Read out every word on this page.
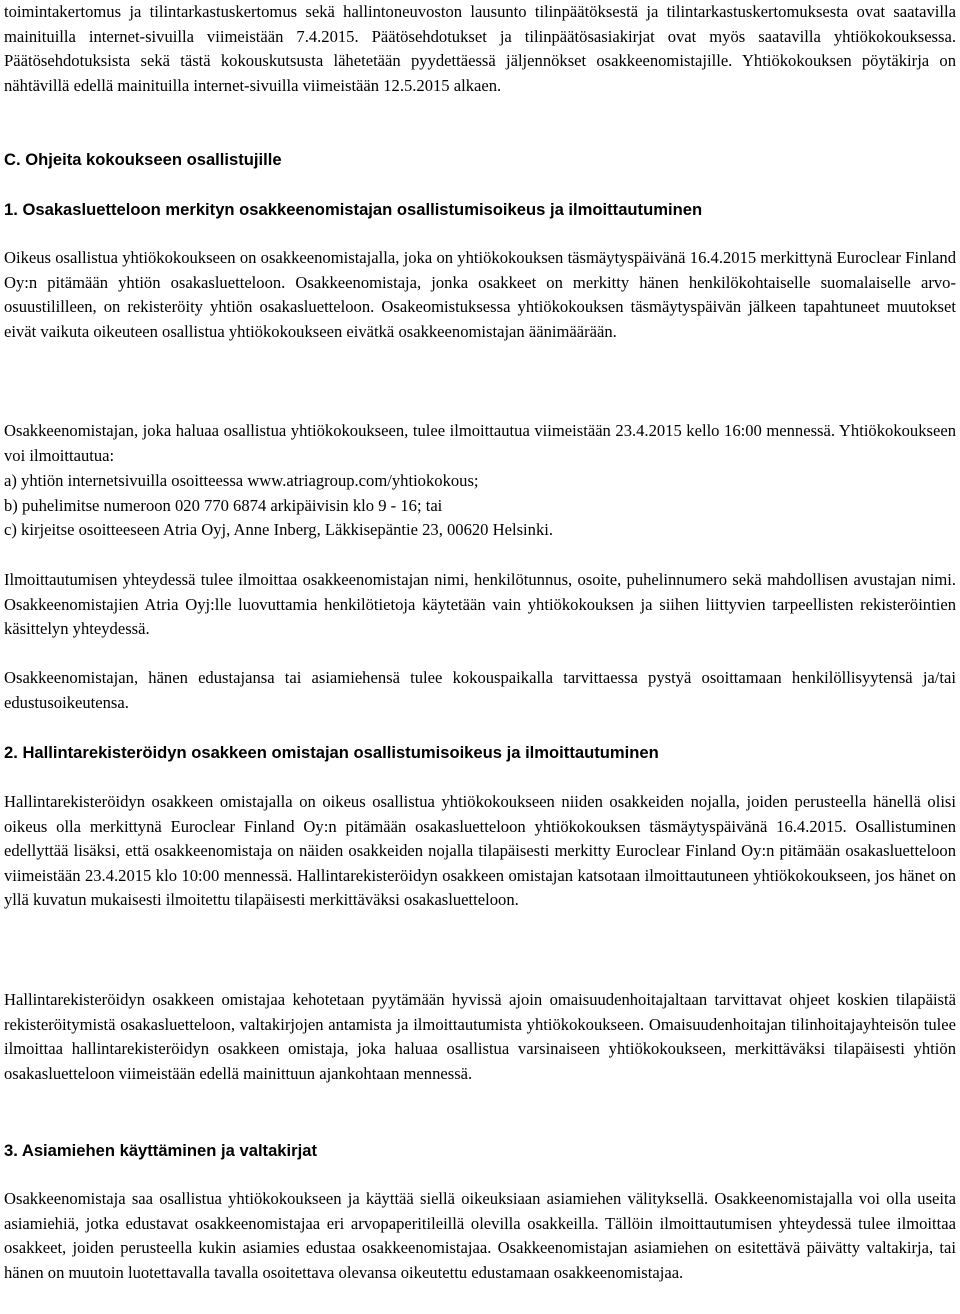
toimintakertomus ja tilintarkastuskertomus sekä hallintoneuvoston lausunto tilinpäätöksestä ja tilintarkastuskertomuksesta ovat saatavilla mainituilla internet-sivuilla viimeistään 7.4.2015. Päätösehdotukset ja tilinpäätösasiakirjat ovat myös saatavilla yhtiökokouksessa. Päätösehdotuksista sekä tästä kokouskutsusta lähetetään pyydettäessä jäljennökset osakkeenomistajille. Yhtiökokouksen pöytäkirja on nähtävillä edellä mainituilla internet-sivuilla viimeistään 12.5.2015 alkaen.

C. Ohjeita kokoukseen osallistujille

1. Osakasluetteloon merkityn osakkeenomistajan osallistumisoikeus ja ilmoittautuminen

Oikeus osallistua yhtiökokoukseen on osakkeenomistajalla, joka on yhtiökokouksen täsmäytyspäivänä 16.4.2015 merkittynä Euroclear Finland Oy:n pitämään yhtiön osakasluetteloon. Osakkeenomistaja, jonka osakkeet on merkitty hänen henkilökohtaiselle suomalaiselle arvo-osuustililleen, on rekisteröity yhtiön osakasluetteloon. Osakeomistuksessa yhtiökokouksen täsmäytyspäivän jälkeen tapahtuneet muutokset eivät vaikuta oikeuteen osallistua yhtiökokoukseen eivätkä osakkeenomistajan äänimäärään.

Osakkeenomistajan, joka haluaa osallistua yhtiökokoukseen, tulee ilmoittautua viimeistään 23.4.2015 kello 16:00 mennessä. Yhtiökokoukseen voi ilmoittautua:

a) yhtiön internetsivuilla osoitteessa www.atriagroup.com/yhtiokokous;

b) puhelimitse numeroon 020 770 6874 arkipäivisin klo 9 - 16; tai

c) kirjeitse osoitteeseen Atria Oyj, Anne Inberg, Läkkisepäntie 23, 00620 Helsinki.

Ilmoittautumisen yhteydessä tulee ilmoittaa osakkeenomistajan nimi, henkilötunnus, osoite, puhelinnumero sekä mahdollisen avustajan nimi. Osakkeenomistajien Atria Oyj:lle luovuttamia henkilötietoja käytetään vain yhtiökokouksen ja siihen liittyvien tarpeellisten rekisteröintien käsittelyn yhteydessä.

Osakkeenomistajan, hänen edustajansa tai asiamiehensä tulee kokouspaikalla tarvittaessa pystyä osoittamaan henkilöllisyytensä ja/tai edustusoikeutensa.

2. Hallintarekisteröidyn osakkeen omistajan osallistumisoikeus ja ilmoittautuminen

Hallintarekisteröidyn osakkeen omistajalla on oikeus osallistua yhtiökokoukseen niiden osakkeiden nojalla, joiden perusteella hänellä olisi oikeus olla merkittynä Euroclear Finland Oy:n pitämään osakasluetteloon yhtiökokouksen täsmäytyspäivänä 16.4.2015. Osallistuminen edellyttää lisäksi, että osakkeenomistaja on näiden osakkeiden nojalla tilapäisesti merkitty Euroclear Finland Oy:n pitämään osakasluetteloon viimeistään 23.4.2015 klo 10:00 mennessä. Hallintarekisteröidyn osakkeen omistajan katsotaan ilmoittautuneen yhtiökokoukseen, jos hänet on yllä kuvatun mukaisesti ilmoitettu tilapäisesti merkittäväksi osakasluetteloon.

Hallintarekisteröidyn osakkeen omistajaa kehotetaan pyytämään hyvissä ajoin omaisuudenhoitajaltaan tarvittavat ohjeet koskien tilapäistä rekisteröitymistä osakasluetteloon, valtakirjojen antamista ja ilmoittautumista yhtiökokoukseen. Omaisuudenhoitajan tilinhoitajayhteisön tulee ilmoittaa hallintarekisteröidyn osakkeen omistaja, joka haluaa osallistua varsinaiseen yhtiökokoukseen, merkittäväksi tilapäisesti yhtiön osakasluetteloon viimeistään edellä mainittuun ajankohtaan mennessä.

3. Asiamiehen käyttäminen ja valtakirjat

Osakkeenomistaja saa osallistua yhtiökokoukseen ja käyttää siellä oikeuksiaan asiamiehen välityksellä. Osakkeenomistajalla voi olla useita asiamiehiä, jotka edustavat osakkeenomistajaa eri arvopaperitileillä olevilla osakkeilla. Tällöin ilmoittautumisen yhteydessä tulee ilmoittaa osakkeet, joiden perusteella kukin asiamies edustaa osakkeenomistajaa. Osakkeenomistajan asiamiehen on esitettävä päivätty valtakirja, tai hänen on muutoin luotettavalla tavalla osoitettava olevansa oikeutettu edustamaan osakkeenomistajaa.
